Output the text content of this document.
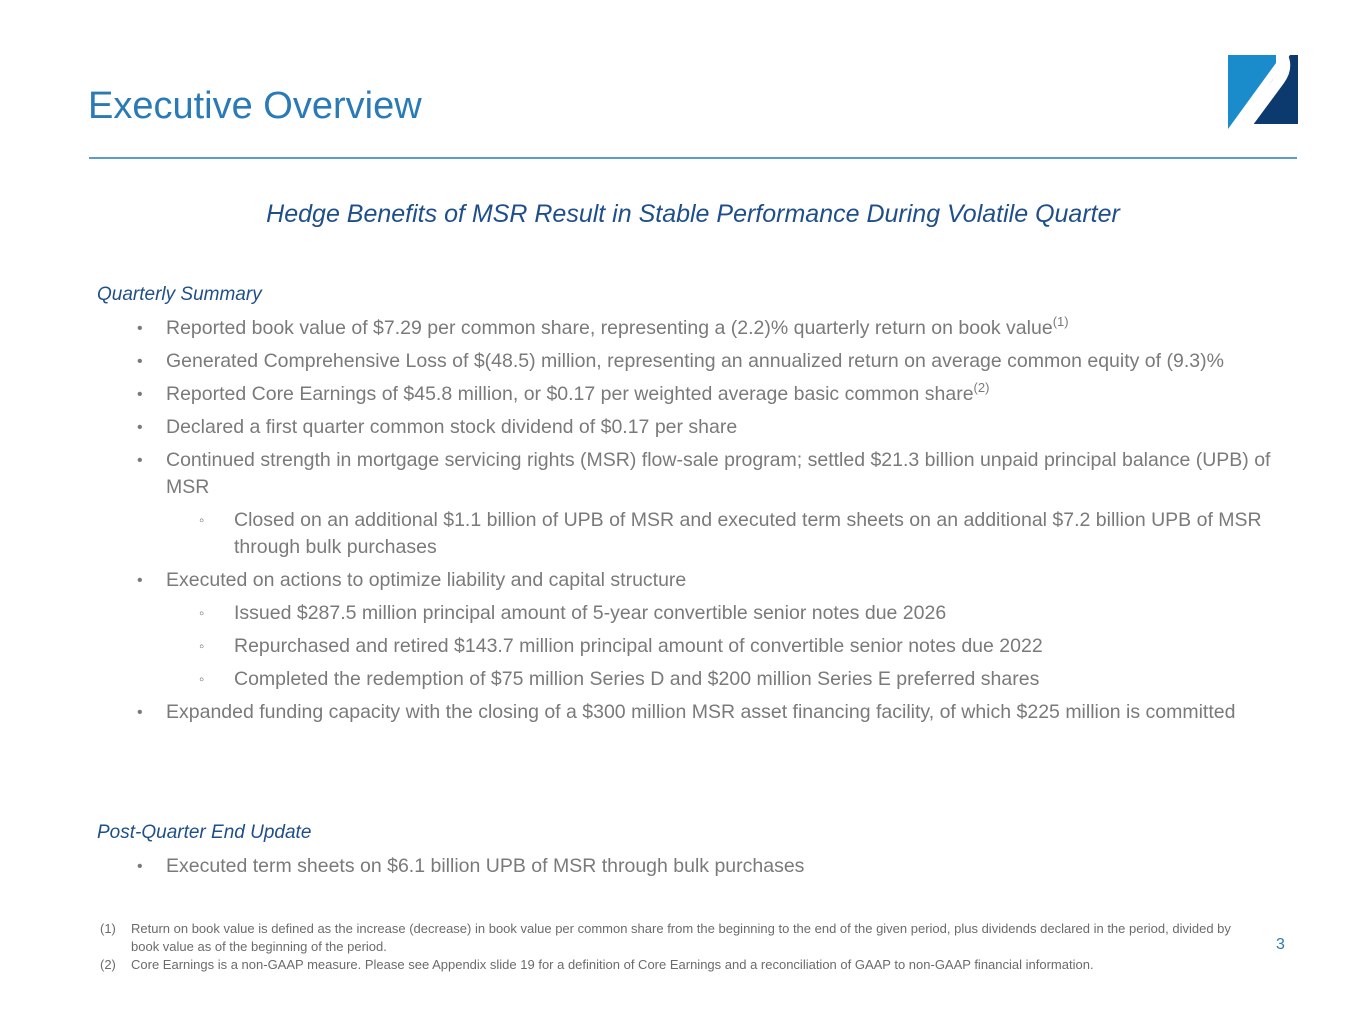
Executive Overview
Hedge Benefits of MSR Result in Stable Performance During Volatile Quarter
Quarterly Summary
• Reported book value of $7.29 per common share, representing a (2.2)% quarterly return on book value$^{(1)}$
• Generated Comprehensive Loss of $(48.5) million, representing an annualized return on average common equity of (9.3)%
• Reported Core Earnings of $45.8 million, or $0.17 per weighted average basic common share$^{(2)}$
• Declared a first quarter common stock dividend of $0.17 per share
• Continued strength in mortgage servicing rights (MSR) flow-sale program; settled $21.3 billion unpaid principal balance (UPB) of MSR
◦ Closed on an additional $1.1 billion of UPB of MSR and executed term sheets on an additional $7.2 billion UPB of MSR through bulk purchases
• Executed on actions to optimize liability and capital structure
◦ Issued $287.5 million principal amount of 5-year convertible senior notes due 2026
◦ Repurchased and retired $143.7 million principal amount of convertible senior notes due 2022
◦ Completed the redemption of $75 million Series D and $200 million Series E preferred shares
• Expanded funding capacity with the closing of a $300 million MSR asset financing facility, of which $225 million is committed
Post-Quarter End Update
• Executed term sheets on $6.1 billion UPB of MSR through bulk purchases
(1) Return on book value is defined as the increase (decrease) in book value per common share from the beginning to the end of the given period, plus dividends declared in the period, divided by book value as of the beginning of the period.
(2) Core Earnings is a non-GAAP measure. Please see Appendix slide 19 for a definition of Core Earnings and a reconciliation of GAAP to non-GAAP financial information.
3
